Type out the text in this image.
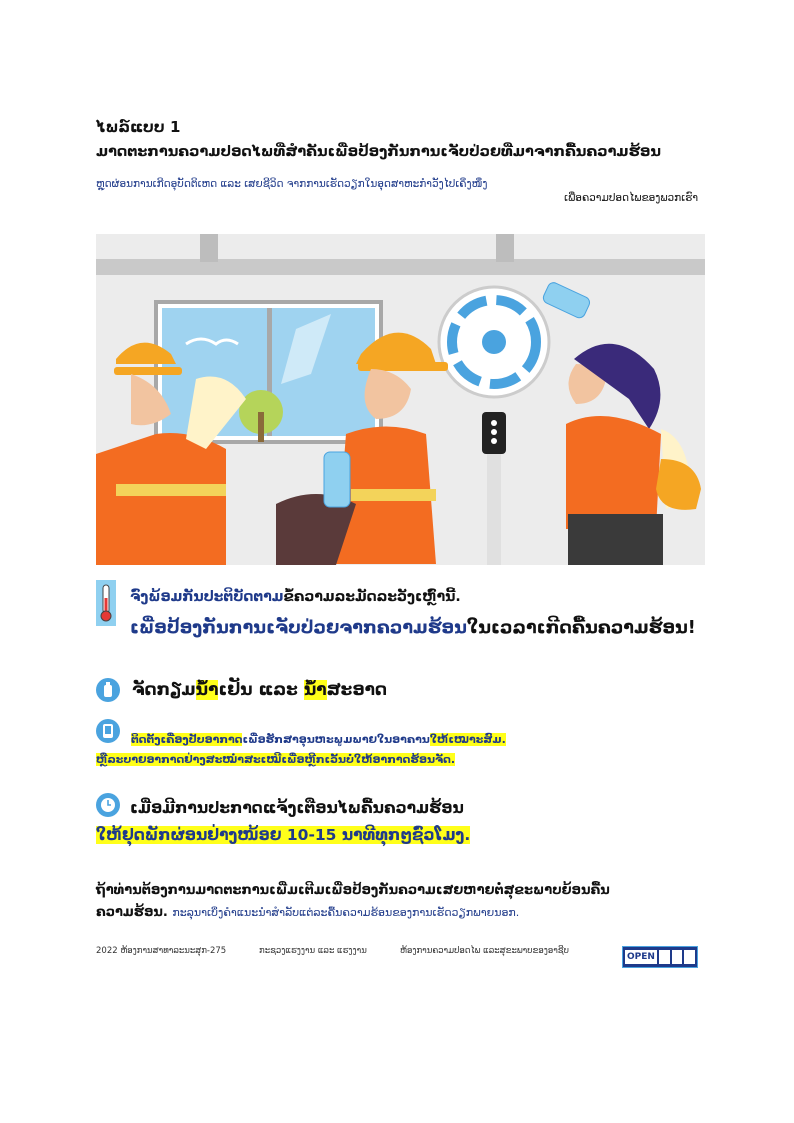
ໄພລ໌ແບບ 1
ມາດຕະການຄວາມປອດໄພທີ່ສຳຄັນເພື່ອປ້ອງກັນການເຈັບປ່ວຍທີ່ມາຈາກຄື້ນຄວາມຮ້ອນ
ຫຼຸດຜ່ອນການເກີດອຸບັດຕິເຫດ ແລະ ເສຍຊີວິດ ຈາກການເຮັດວຽກໃນອຸດສາຫະກຳວັງໄປເຄິ່ງໜຶ່ງ
ເພື່ອຄວາມປອດໄພຂອງພວກເຮົາ
ຈົ່ງພ້ອມກັນປະຕິບັດຕາມຂໍ້ຄວາມລະມັດລະວັງເຫຼົ່ານີ້.
ເພື່ອປ້ອງກັນການເຈັບປ່ວຍຈາກຄວາມຮ້ອນໃນເວລາເກີດຄື້ນຄວາມຮ້ອນ!
ຈັດກຽມນ້ຳເຢັນ ແລະ ນ້ຳສະອາດ
ຕິດຕັ້ງເຄື່ອງປັບອາກາດເພື່ອຮັກສາອຸນຫະພູມພາຍໃນອາຄານໃຫ້ເໝາະສົມ.
ຫຼືລະບາຍອາກາດຢ່າງສະໝ່ຳສະເໝີເພື່ອຫຼີກເວັ້ນບໍ່ໃຫ້ອາກາດຮ້ອນຈັດ.
ເມື່ອມີການປະກາດແຈ້ງເຕືອນໄພຄື້ນຄວາມຮ້ອນ
ໃຫ້ຢຸດພັກຜ່ອນຢ່າງໜ້ອຍ 10-15 ນາທີທຸກໆຊົ່ວໂມງ.
ຖ້າທ່ານຕ້ອງການມາດຕະການເພີ່ມເຕີມເພື່ອປ້ອງກັນຄວາມເສຍຫາຍຕໍ່ສຸຂະພາບຍ້ອນຄື້ນ
ຄວາມຮ້ອນ. ກະລຸນາເບິ່ງຄຳແນະນຳສຳລັບແຕ່ລະຄື້ນຄວາມຮ້ອນຂອງການເຮັດວຽກພາຍນອກ.
2022 ຫ້ອງການສາທາລະນະສຸກ-275	ກະຊວງແຮງງານ ແລະ ແຮງງານ	ຫ້ອງການຄວາມປອດໄພ ແລະສຸຂະພາບຂອງອາຊີບ
OPEN
